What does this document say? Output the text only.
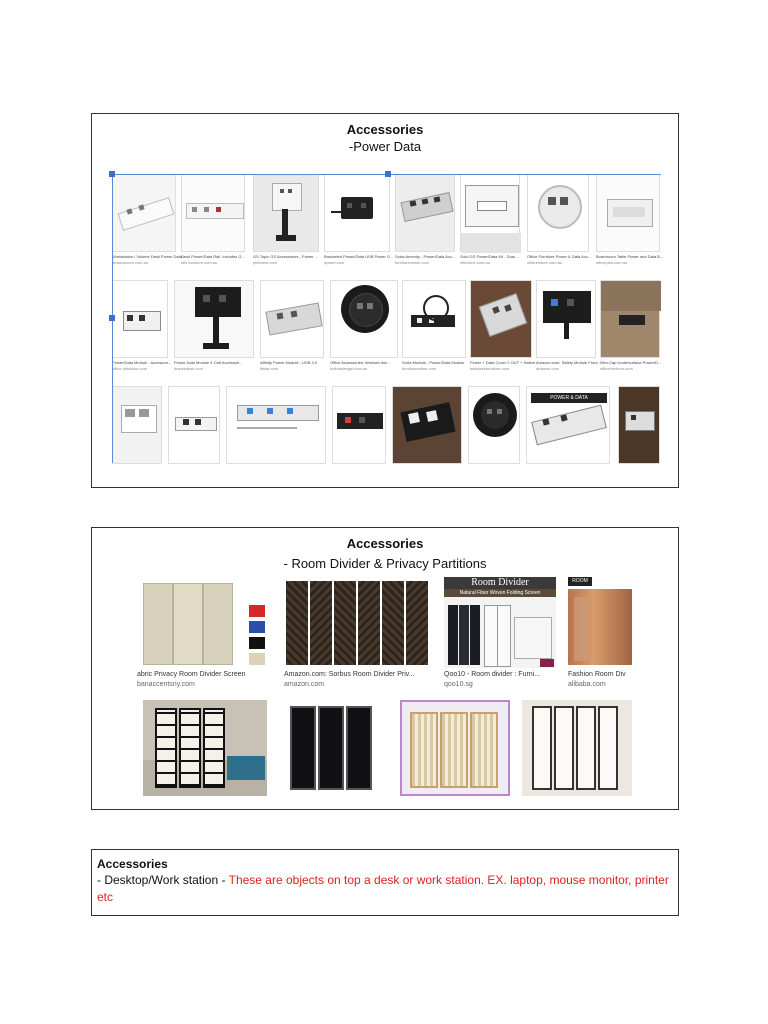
Accessories
-Power Data
Workstation / Volume Desk Power Data ...
amazoncom.com.au
Desk Power/Data Rail, Includes G...
ofis furniture.com.au
GS Topic GS Accessories - Power ...
pinterest.com
Bracketed Power/Data USB Power G...
ipower.com
Sorta Amenity - Power/Data Acc...
furnitureonline.com
Gold GS Power/Data Kit - Dual ...
officeline.com.au
Office Furniture Power & Data Acc...
ofisfurniture.com.au
Boardroom Table Power and Data B...
officeplus.com.au
Power/Data Module - Accessori...
office.ofistokos.com
Power Data Module 4 Outl Accessori...
thanksdesk.com
Affinity Power Module - USB 3.0
tilstar.com
Office Accessories: Worksta tion...
hollowdesign.com.au
Sorta Module - Power/Data Module
furnitureonline.com
Power + Data Cover 2 OUT + Switch
webdeskfurniture.com
Amazon.com: Safety Module Front...
amazon.com
Slim-Cap Undersurface Power/D...
officefurniture.com
POWER & DATA
Accessories
- Room Divider & Privacy Partitions
abric Privacy Room Divider Screen
banaccentsny.com
Amazon.com: Sorbus Room Divider Priv...
amazon.com
Room Divider
Natural Fiber Woven Folding Screen
Qoo10 - Room divider : Furni...
qoo10.sg
ROOM
Fashion Room Div
alibaba.com
Accessories
- Desktop/Work station - These are objects on top a desk or work station. EX. laptop, mouse monitor, printer etc
